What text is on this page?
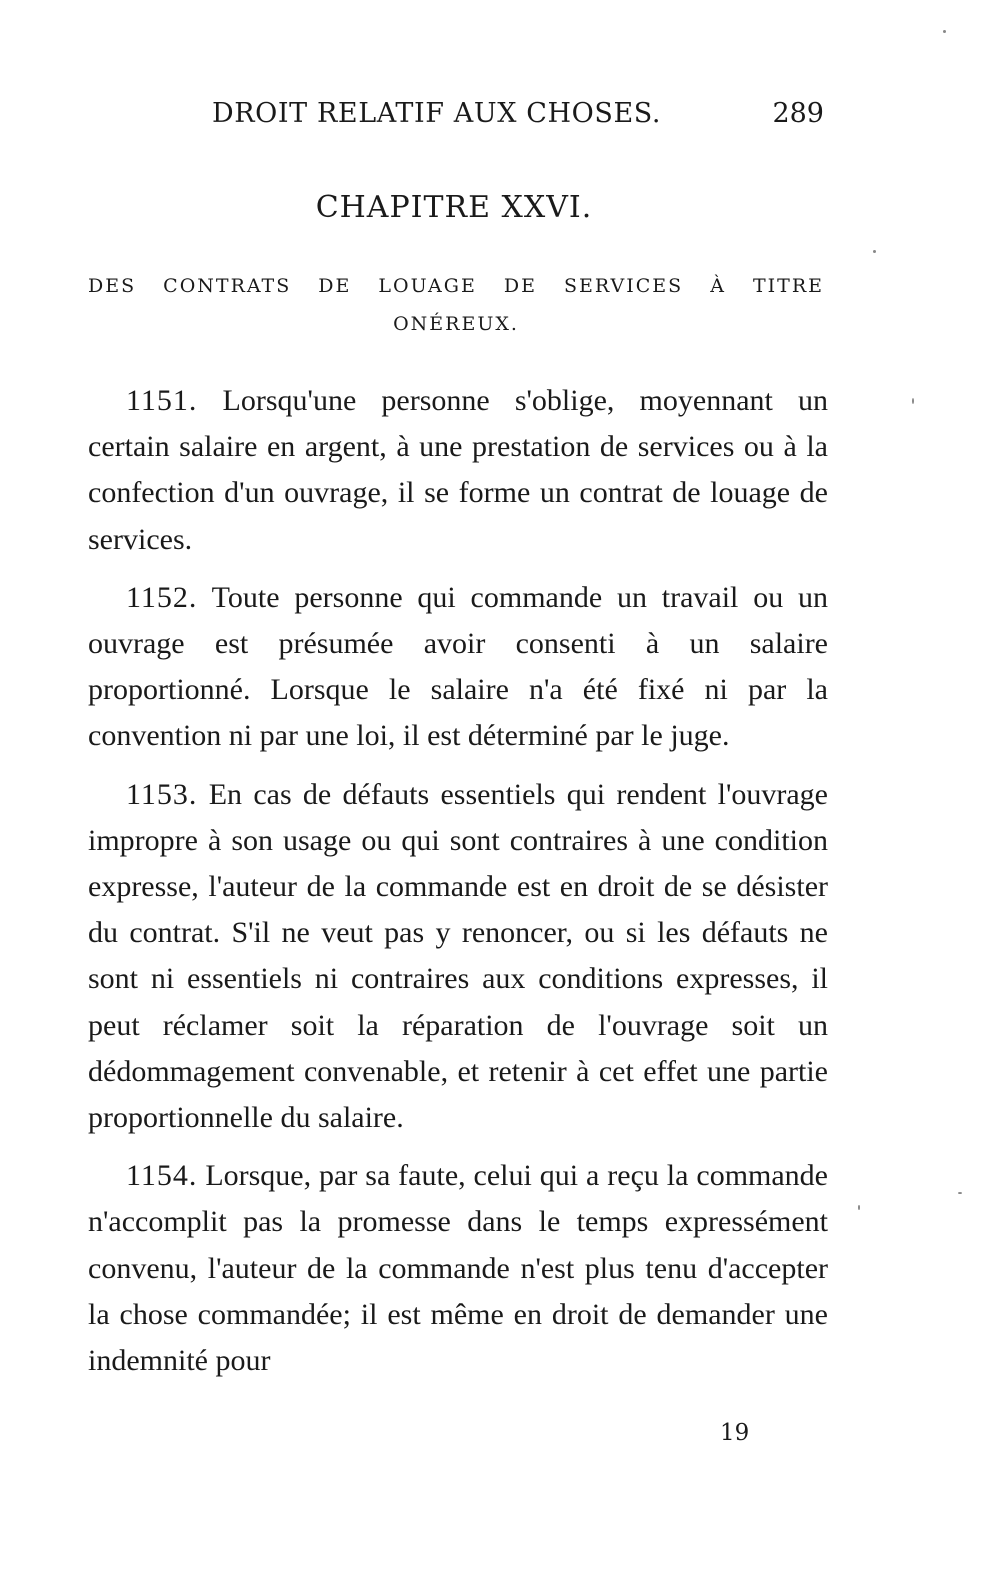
DROIT RELATIF AUX CHOSES.	289
CHAPITRE XXVI.
DES CONTRATS DE LOUAGE DE SERVICES À TITRE ONÉREUX.

1151. Lorsqu'une personne s'oblige, moyennant un certain salaire en argent, à une prestation de services ou à la confection d'un ouvrage, il se forme un contrat de louage de services.

1152. Toute personne qui commande un travail ou un ouvrage est présumée avoir consenti à un salaire proportionné. Lorsque le salaire n'a été fixé ni par la convention ni par une loi, il est déterminé par le juge.

1153. En cas de défauts essentiels qui rendent l'ouvrage impropre à son usage ou qui sont contraires à une condition expresse, l'auteur de la commande est en droit de se désister du contrat. S'il ne veut pas y renoncer, ou si les défauts ne sont ni essentiels ni contraires aux conditions expresses, il peut réclamer soit la réparation de l'ouvrage soit un dédommagement convenable, et retenir à cet effet une partie proportionnelle du salaire.

1154. Lorsque, par sa faute, celui qui a reçu la commande n'accomplit pas la promesse dans le temps expressément convenu, l'auteur de la commande n'est plus tenu d'accepter la chose commandée; il est même en droit de demander une indemnité pour

19
